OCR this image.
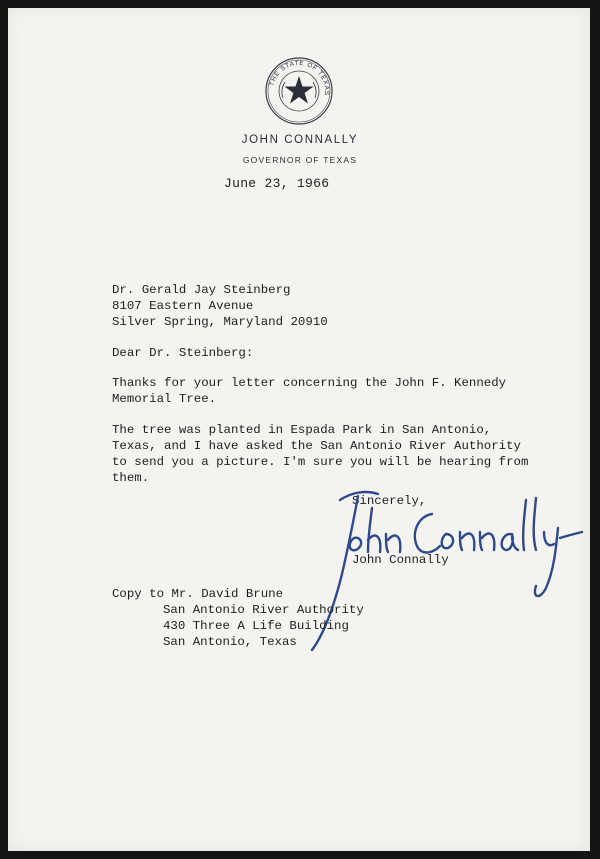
THE STATE OF TEXAS
JOHN CONNALLY
GOVERNOR OF TEXAS
June 23, 1966
Dr. Gerald Jay Steinberg
8107 Eastern Avenue
Silver Spring, Maryland 20910
Dear Dr. Steinberg:
Thanks for your letter concerning the John F. Kennedy
Memorial Tree.
The tree was planted in Espada Park in San Antonio,
Texas, and I have asked the San Antonio River Authority
to send you a picture. I'm sure you will be hearing from
them.
Sincerely,
John Connally
Copy to Mr. David Brune
San Antonio River Authority
430 Three A Life Building
San Antonio, Texas
